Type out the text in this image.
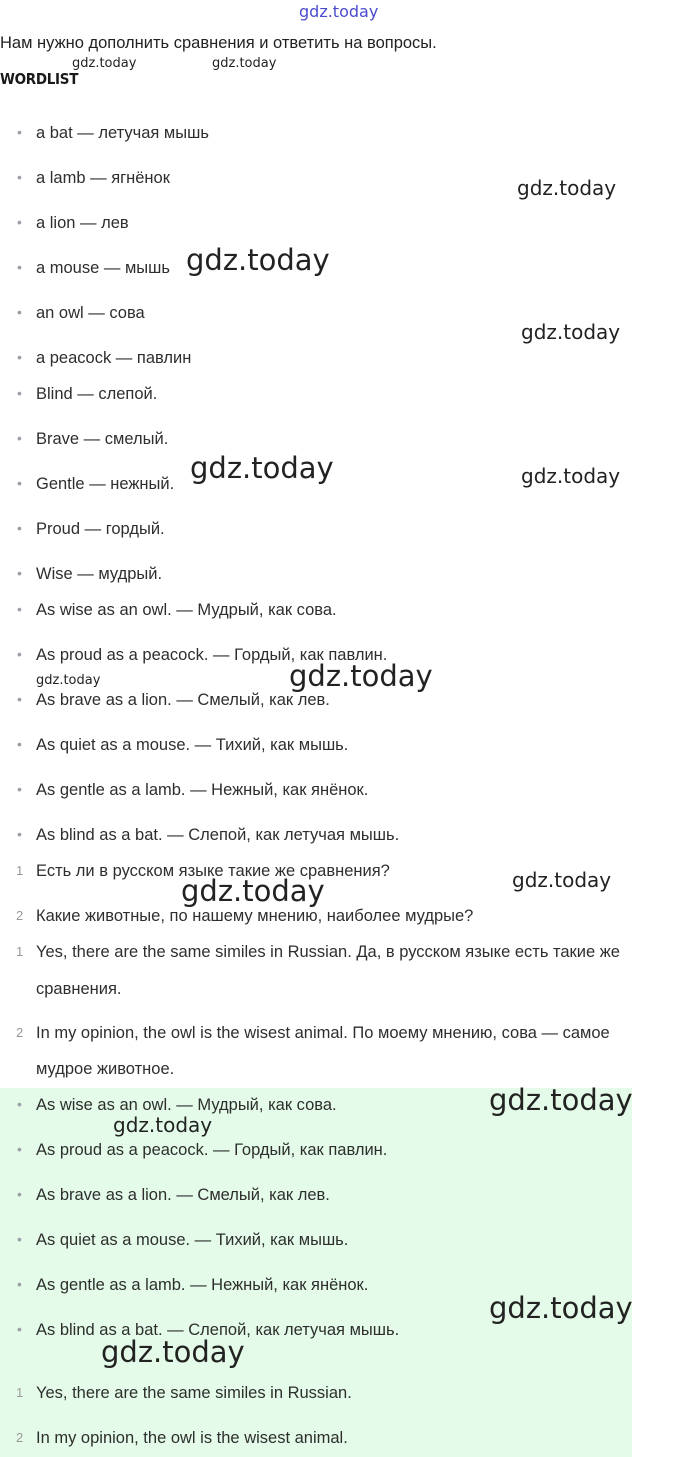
gdz.today
Нам нужно дополнить сравнения и ответить на вопросы.
WORDLIST
• a bat — летучая мышь
• a lamb — ягнёнок
• a lion — лев
• a mouse — мышь
• an owl — сова
• a peacock — павлин
• Blind — слепой.
• Brave — смелый.
• Gentle — нежный.
• Proud — гордый.
• Wise — мудрый.
• As wise as an owl. — Мудрый, как сова.
• As proud as a peacock. — Гордый, как павлин.
• As brave as a lion. — Смелый, как лев.
• As quiet as a mouse. — Тихий, как мышь.
• As gentle as a lamb. — Нежный, как янёнок.
• As blind as a bat. — Слепой, как летучая мышь.
1 Есть ли в русском языке такие же сравнения?
2 Какие животные, по нашему мнению, наиболее мудрые?
1 Yes, there are the same similes in Russian. Да, в русском языке есть такие же
сравнения.
2 In my opinion, the owl is the wisest animal. По моему мнению, сова — самое
мудрое животное.
• As wise as an owl. — Мудрый, как сова.
• As proud as a peacock. — Гордый, как павлин.
• As brave as a lion. — Смелый, как лев.
• As quiet as a mouse. — Тихий, как мышь.
• As gentle as a lamb. — Нежный, как янёнок.
• As blind as a bat. — Слепой, как летучая мышь.
1 Yes, there are the same similes in Russian.
2 In my opinion, the owl is the wisest animal.
gdz.today	gdz.today
gdz.today
gdz.today
gdz.today
gdz.today	gdz.today
gdz.today
gdz.today
gdz.today
gdz.today
gdz.today
gdz.today
gdz.today
gdz.today
